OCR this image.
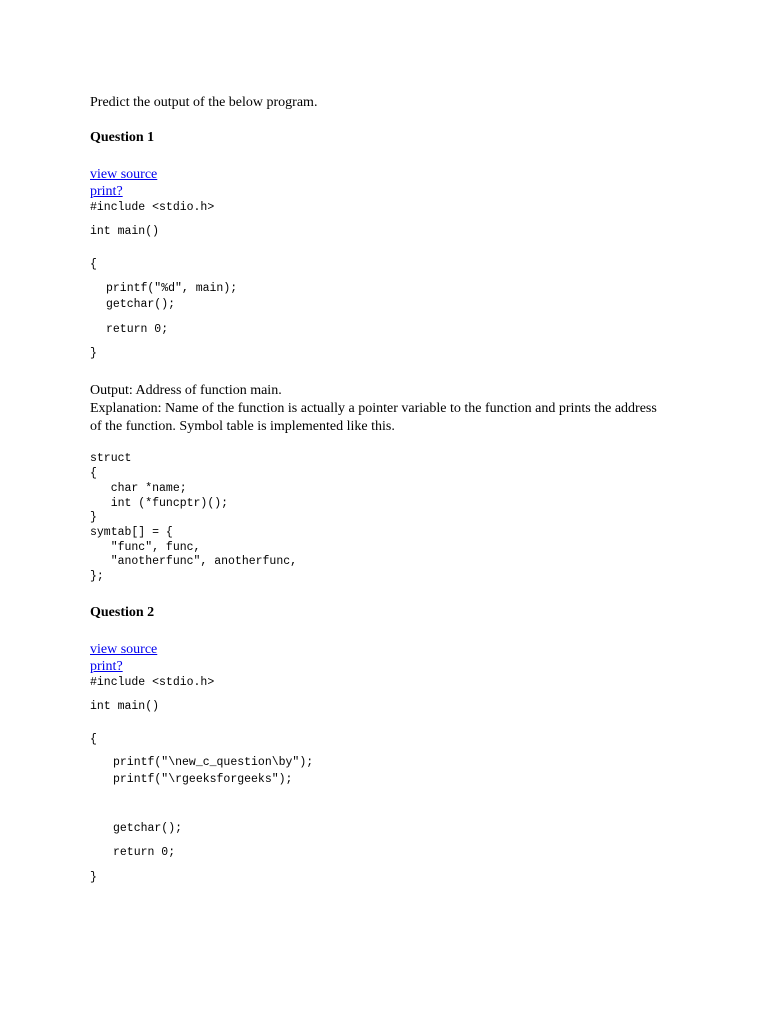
Predict the output of the below program.
Question 1
view source
print?
#include <stdio.h>
int main()
{
printf("%d", main);
getchar();
return 0;
}
Output: Address of function main.
Explanation: Name of the function is actually a pointer variable to the function and prints the address of the function. Symbol table is implemented like this.
struct
{
char *name;
int (*funcptr)();
}
symtab[] = {
"func", func,
"anotherfunc", anotherfunc,
};
Question 2
view source
print?
#include <stdio.h>
int main()
{
printf("\new_c_question\by");
printf("\rgeeksforgeeks");
getchar();
return 0;
}
